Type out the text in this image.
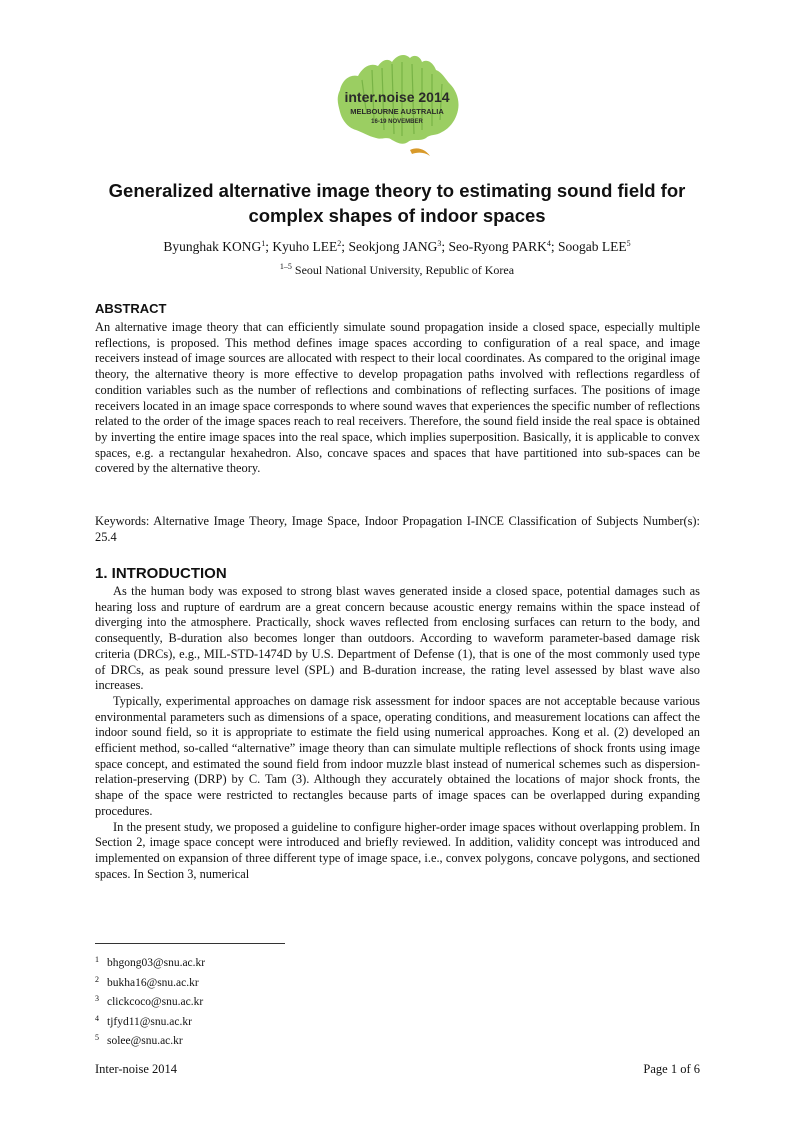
inter.noise 2014
MELBOURNE AUSTRALIA
16-19 NOVEMBER
Generalized alternative image theory to estimating sound field for
complex shapes of indoor spaces
Byunghak KONG$^1$; Kyuho LEE$^2$; Seokjong JANG$^3$; Seo-Ryong PARK$^4$; Soogab LEE$^5$
$^{1-5}$ Seoul National University, Republic of Korea
ABSTRACT

An alternative image theory that can efficiently simulate sound propagation inside a closed space, especially multiple reflections, is proposed. This method defines image spaces according to configuration of a real space, and image receivers instead of image sources are allocated with respect to their local coordinates. As compared to the original image theory, the alternative theory is more effective to develop propagation paths involved with reflections regardless of condition variables such as the number of reflections and combinations of reflecting surfaces. The positions of image receivers located in an image space corresponds to where sound waves that experiences the specific number of reflections related to the order of the image spaces reach to real receivers. Therefore, the sound field inside the real space is obtained by inverting the entire image spaces into the real space, which implies superposition. Basically, it is applicable to convex spaces, e.g. a rectangular hexahedron. Also, concave spaces and spaces that have partitioned into sub-spaces can be covered by the alternative theory.

Keywords: Alternative Image Theory, Image Space, Indoor Propagation I-INCE Classification of Subjects Number(s): 25.4

1. INTRODUCTION

As the human body was exposed to strong blast waves generated inside a closed space, potential damages such as hearing loss and rupture of eardrum are a great concern because acoustic energy remains within the space instead of diverging into the atmosphere. Practically, shock waves reflected from enclosing surfaces can return to the body, and consequently, B-duration also becomes longer than outdoors. According to waveform parameter-based damage risk criteria (DRCs), e.g., MIL-STD-1474D by U.S. Department of Defense (1), that is one of the most commonly used type of DRCs, as peak sound pressure level (SPL) and B-duration increase, the rating level assessed by blast wave also increases.

Typically, experimental approaches on damage risk assessment for indoor spaces are not acceptable because various environmental parameters such as dimensions of a space, operating conditions, and measurement locations can affect the indoor sound field, so it is appropriate to estimate the field using numerical approaches. Kong et al. (2) developed an efficient method, so-called “alternative” image theory than can simulate multiple reflections of shock fronts using image space concept, and estimated the sound field from indoor muzzle blast instead of numerical schemes such as dispersion-relation-preserving (DRP) by C. Tam (3). Although they accurately obtained the locations of major shock fronts, the shape of the space were restricted to rectangles because parts of image spaces can be overlapped during expanding procedures.

In the present study, we proposed a guideline to configure higher-order image spaces without overlapping problem. In Section 2, image space concept were introduced and briefly reviewed. In addition, validity concept was introduced and implemented on expansion of three different type of image space, i.e., convex polygons, concave polygons, and sectioned spaces. In Section 3, numerical

1 bhgong03@snu.ac.kr
2 bukha16@snu.ac.kr
3 clickcoco@snu.ac.kr
4 tjfyd11@snu.ac.kr
5 solee@snu.ac.kr
Inter-noise 2014	Page 1 of 6
